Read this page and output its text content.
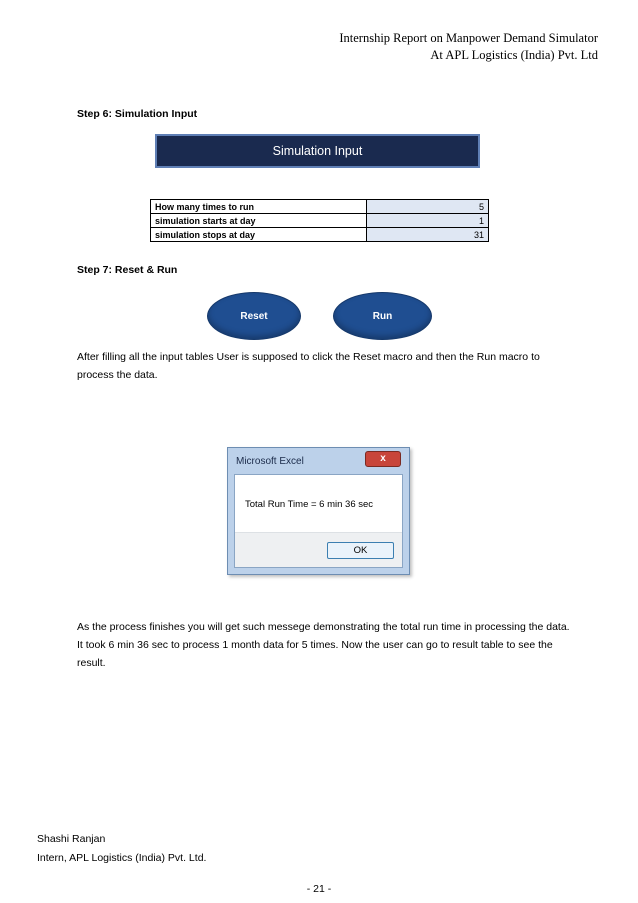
Internship Report on Manpower Demand Simulator
At APL Logistics (India) Pvt. Ltd
Step 6: Simulation Input
Simulation Input
How many times to run	5
simulation starts at day	1
simulation stops at day	31
Step 7: Reset & Run
Reset	Run
After filling all the input tables User is supposed to click the Reset macro and then the Run macro to process the data.
Microsoft Excel	x
Total Run Time = 6 min 36 sec
OK
As the process finishes you will get such messege demonstrating the total run time in processing the data.
It took 6 min 36 sec to process 1 month data for 5 times. Now the user can go to result table to see the result.
Shashi Ranjan
Intern, APL Logistics (India) Pvt. Ltd.
- 21 -
